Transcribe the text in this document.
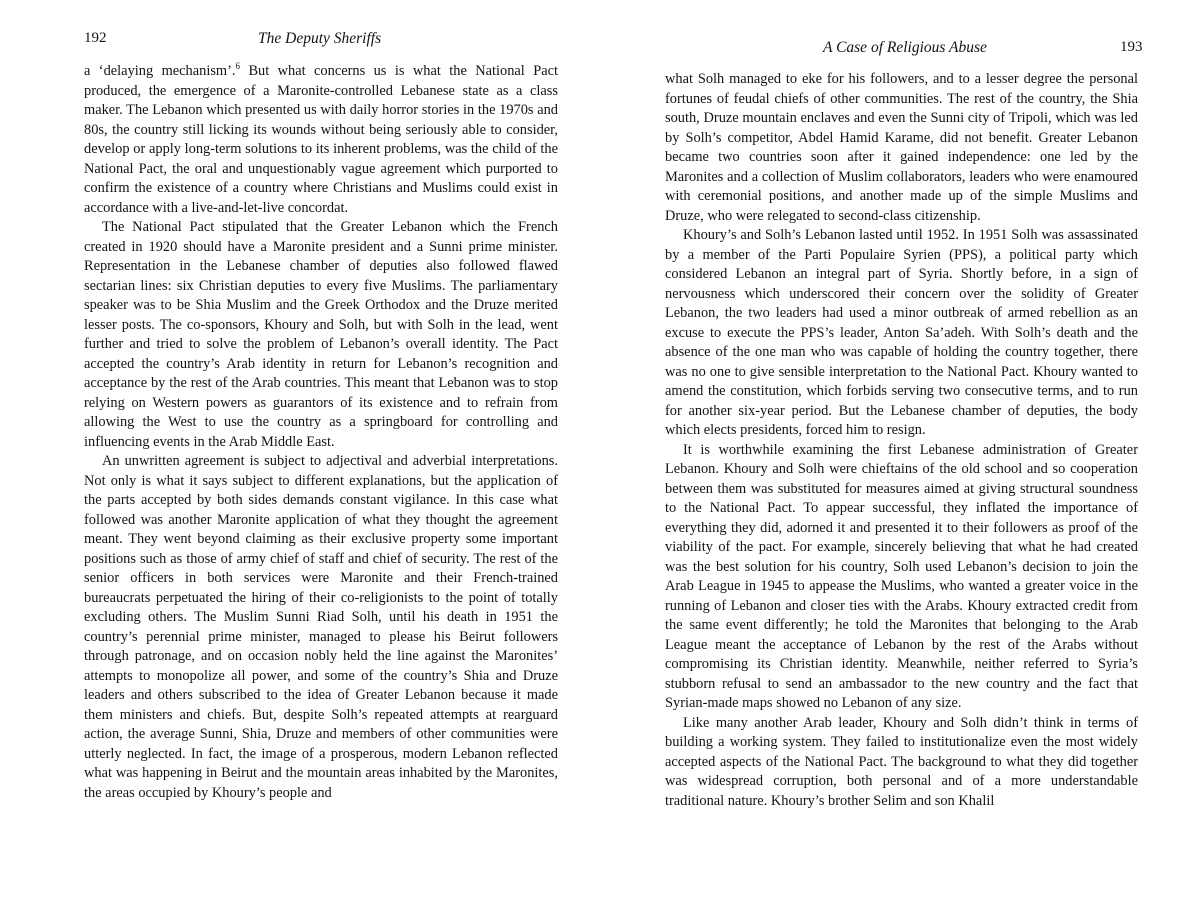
192	The Deputy Sheriffs

a ‘delaying mechanism’.$^6$ But what concerns us is what the National Pact produced, the emergence of a Maronite-controlled Lebanese state as a class maker. The Lebanon which presented us with daily horror stories in the 1970s and 80s, the country still licking its wounds without being seriously able to consider, develop or apply long-term solutions to its inherent problems, was the child of the National Pact, the oral and unquestionably vague agreement which purported to confirm the existence of a country where Christians and Muslims could exist in accordance with a live-and-let-live concordat.

The National Pact stipulated that the Greater Lebanon which the French created in 1920 should have a Maronite president and a Sunni prime minister. Representation in the Lebanese chamber of deputies also followed flawed sectarian lines: six Christian deputies to every five Muslims. The parliamentary speaker was to be Shia Muslim and the Greek Orthodox and the Druze merited lesser posts. The co-sponsors, Khoury and Solh, but with Solh in the lead, went further and tried to solve the problem of Lebanon’s overall identity. The Pact accepted the country’s Arab identity in return for Lebanon’s recognition and acceptance by the rest of the Arab countries. This meant that Lebanon was to stop relying on Western powers as guarantors of its existence and to refrain from allowing the West to use the country as a springboard for controlling and influencing events in the Arab Middle East.

An unwritten agreement is subject to adjectival and adverbial interpretations. Not only is what it says subject to different explanations, but the application of the parts accepted by both sides demands constant vigilance. In this case what followed was another Maronite application of what they thought the agreement meant. They went beyond claiming as their exclusive property some important positions such as those of army chief of staff and chief of security. The rest of the senior officers in both services were Maronite and their French-trained bureaucrats perpetuated the hiring of their co-religionists to the point of totally excluding others. The Muslim Sunni Riad Solh, until his death in 1951 the country’s perennial prime minister, managed to please his Beirut followers through patronage, and on occasion nobly held the line against the Maronites’ attempts to monopolize all power, and some of the country’s Shia and Druze leaders and others subscribed to the idea of Greater Lebanon because it made them ministers and chiefs. But, despite Solh’s repeated attempts at rearguard action, the average Sunni, Shia, Druze and members of other communities were utterly neglected. In fact, the image of a prosperous, modern Lebanon reflected what was happening in Beirut and the mountain areas inhabited by the Maronites, the areas occupied by Khoury’s people and

A Case of Religious Abuse	193

what Solh managed to eke for his followers, and to a lesser degree the personal fortunes of feudal chiefs of other communities. The rest of the country, the Shia south, Druze mountain enclaves and even the Sunni city of Tripoli, which was led by Solh’s competitor, Abdel Hamid Karame, did not benefit. Greater Lebanon became two countries soon after it gained independence: one led by the Maronites and a collection of Muslim collaborators, leaders who were enamoured with ceremonial positions, and another made up of the simple Muslims and Druze, who were relegated to second-class citizenship.

Khoury’s and Solh’s Lebanon lasted until 1952. In 1951 Solh was assassinated by a member of the Parti Populaire Syrien (PPS), a political party which considered Lebanon an integral part of Syria. Shortly before, in a sign of nervousness which underscored their concern over the solidity of Greater Lebanon, the two leaders had used a minor outbreak of armed rebellion as an excuse to execute the PPS’s leader, Anton Sa’adeh. With Solh’s death and the absence of the one man who was capable of holding the country together, there was no one to give sensible interpretation to the National Pact. Khoury wanted to amend the constitution, which forbids serving two consecutive terms, and to run for another six-year period. But the Lebanese chamber of deputies, the body which elects presidents, forced him to resign.

It is worthwhile examining the first Lebanese administration of Greater Lebanon. Khoury and Solh were chieftains of the old school and so cooperation between them was substituted for measures aimed at giving structural soundness to the National Pact. To appear successful, they inflated the importance of everything they did, adorned it and presented it to their followers as proof of the viability of the pact. For example, sincerely believing that what he had created was the best solution for his country, Solh used Lebanon’s decision to join the Arab League in 1945 to appease the Muslims, who wanted a greater voice in the running of Lebanon and closer ties with the Arabs. Khoury extracted credit from the same event differently; he told the Maronites that belonging to the Arab League meant the acceptance of Lebanon by the rest of the Arabs without compromising its Christian identity. Meanwhile, neither referred to Syria’s stubborn refusal to send an ambassador to the new country and the fact that Syrian-made maps showed no Lebanon of any size.

Like many another Arab leader, Khoury and Solh didn’t think in terms of building a working system. They failed to institutionalize even the most widely accepted aspects of the National Pact. The background to what they did together was widespread corruption, both personal and of a more understandable traditional nature. Khoury’s brother Selim and son Khalil
